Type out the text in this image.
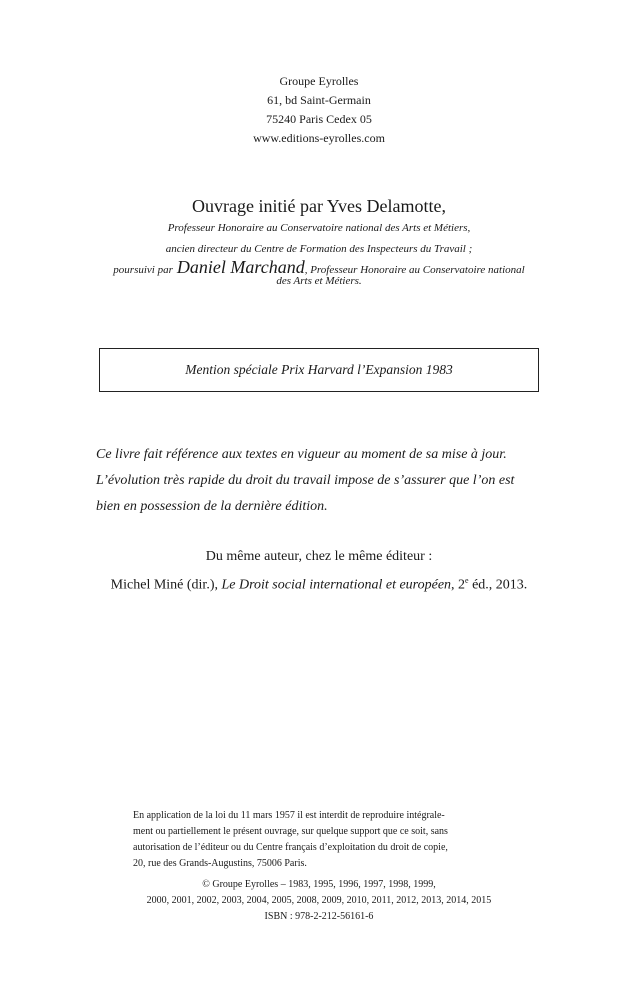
Groupe Eyrolles
61, bd Saint-Germain
75240 Paris Cedex 05
www.editions-eyrolles.com
Ouvrage initié par Yves Delamotte,
Professeur Honoraire au Conservatoire national des Arts et Métiers,
ancien directeur du Centre de Formation des Inspecteurs du Travail ;
poursuivi par Daniel Marchand, Professeur Honoraire au Conservatoire national
des Arts et Métiers.
Mention spéciale Prix Harvard l’Expansion 1983
Ce livre fait référence aux textes en vigueur au moment de sa mise à jour.
L’évolution très rapide du droit du travail impose de s’assurer que l’on est
bien en possession de la dernière édition.
Du même auteur, chez le même éditeur :
Michel Miné (dir.), Le Droit social international et européen, 2e éd., 2013.
En application de la loi du 11 mars 1957 il est interdit de reproduire intégrale-
ment ou partiellement le présent ouvrage, sur quelque support que ce soit, sans
autorisation de l’éditeur ou du Centre français d’exploitation du droit de copie,
20, rue des Grands-Augustins, 75006 Paris.
© Groupe Eyrolles – 1983, 1995, 1996, 1997, 1998, 1999,
2000, 2001, 2002, 2003, 2004, 2005, 2008, 2009, 2010, 2011, 2012, 2013, 2014, 2015
ISBN : 978-2-212-56161-6
